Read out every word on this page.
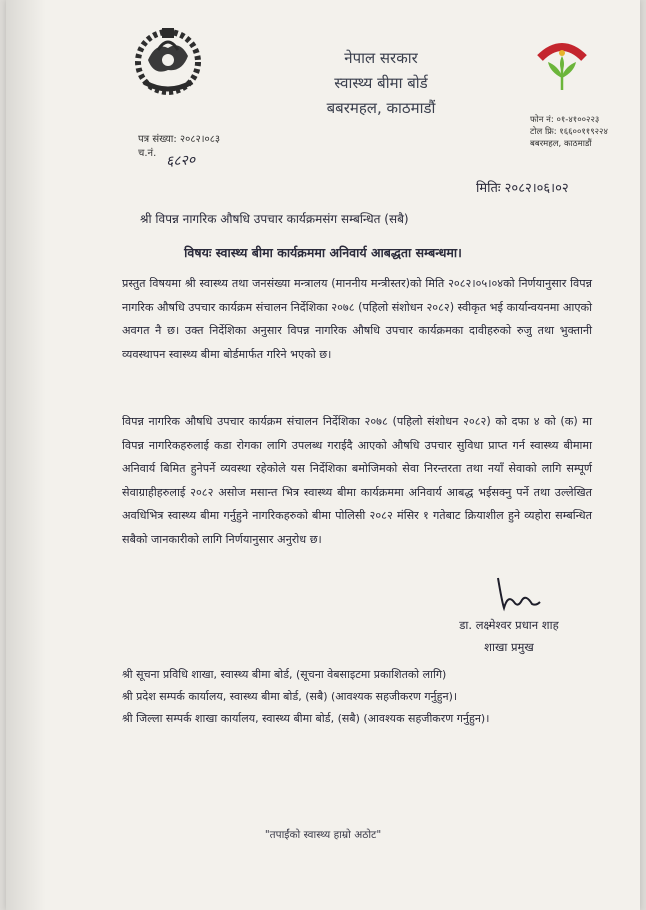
नेपाल सरकार
स्वास्थ्य बीमा बोर्ड
बबरमहल, काठमाडौं
फोन नं: ०१-४१००२२३
टोल फ्रि: १६६००११९२२४
बबरमहल, काठमाडौं
पत्र संख्या: २०८२।०८३
च.नं. ६८२०
मितिः २०८२।०६।०२
श्री विपन्न नागरिक औषधि उपचार कार्यक्रमसंग सम्बन्धित (सबै)
विषयः स्वास्थ्य बीमा कार्यक्रममा अनिवार्य आबद्धता सम्बन्धमा।
प्रस्तुत विषयमा श्री स्वास्थ्य तथा जनसंख्या मन्त्रालय (माननीय मन्त्रीस्तर)को मिति २०८२।०५।०४को निर्णयानुसार विपन्न नागरिक औषधि उपचार कार्यक्रम संचालन निर्देशिका २०७८ (पहिलो संशोधन २०८२) स्वीकृत भई कार्यान्वयनमा आएको अवगत नै छ। उक्त निर्देशिका अनुसार विपन्न नागरिक औषधि उपचार कार्यक्रमका दावीहरुको रुजु तथा भुक्तानी व्यवस्थापन स्वास्थ्य बीमा बोर्डमार्फत गरिने भएको छ।
विपन्न नागरिक औषधि उपचार कार्यक्रम संचालन निर्देशिका २०७८ (पहिलो संशोधन २०८२) को दफा ४ को (क) मा विपन्न नागरिकहरुलाई कडा रोगका लागि उपलब्ध गराईदै आएको औषधि उपचार सुविधा प्राप्त गर्न स्वास्थ्य बीमामा अनिवार्य बिमित हुनेपर्ने व्यवस्था रहेकोले यस निर्देशिका बमोजिमको सेवा निरन्तरता तथा नयाँ सेवाको लागि सम्पूर्ण सेवाग्राहीहरुलाई २०८२ असोज मसान्त भित्र स्वास्थ्य बीमा कार्यक्रममा अनिवार्य आबद्ध भईसक्नु पर्ने तथा उल्लेखित अवधिभित्र स्वास्थ्य बीमा गर्नुहुने नागरिकहरुको बीमा पोलिसी २०८२ मंसिर १ गतेबाट क्रियाशील हुने व्यहोरा सम्बन्धित सबैको जानकारीको लागि निर्णयानुसार अनुरोध छ।
डा. लक्ष्मेश्वर प्रधान शाह
शाखा प्रमुख
श्री सूचना प्रविधि शाखा, स्वास्थ्य बीमा बोर्ड, (सूचना वेबसाइटमा प्रकाशितको लागि)
श्री प्रदेश सम्पर्क कार्यालय, स्वास्थ्य बीमा बोर्ड, (सबै) (आवश्यक सहजीकरण गर्नुहुन)।
श्री जिल्ला सम्पर्क शाखा कार्यालय, स्वास्थ्य बीमा बोर्ड, (सबै) (आवश्यक सहजीकरण गर्नुहुन)।
"तपाईंको स्वास्थ्य हाम्रो अठोट"
